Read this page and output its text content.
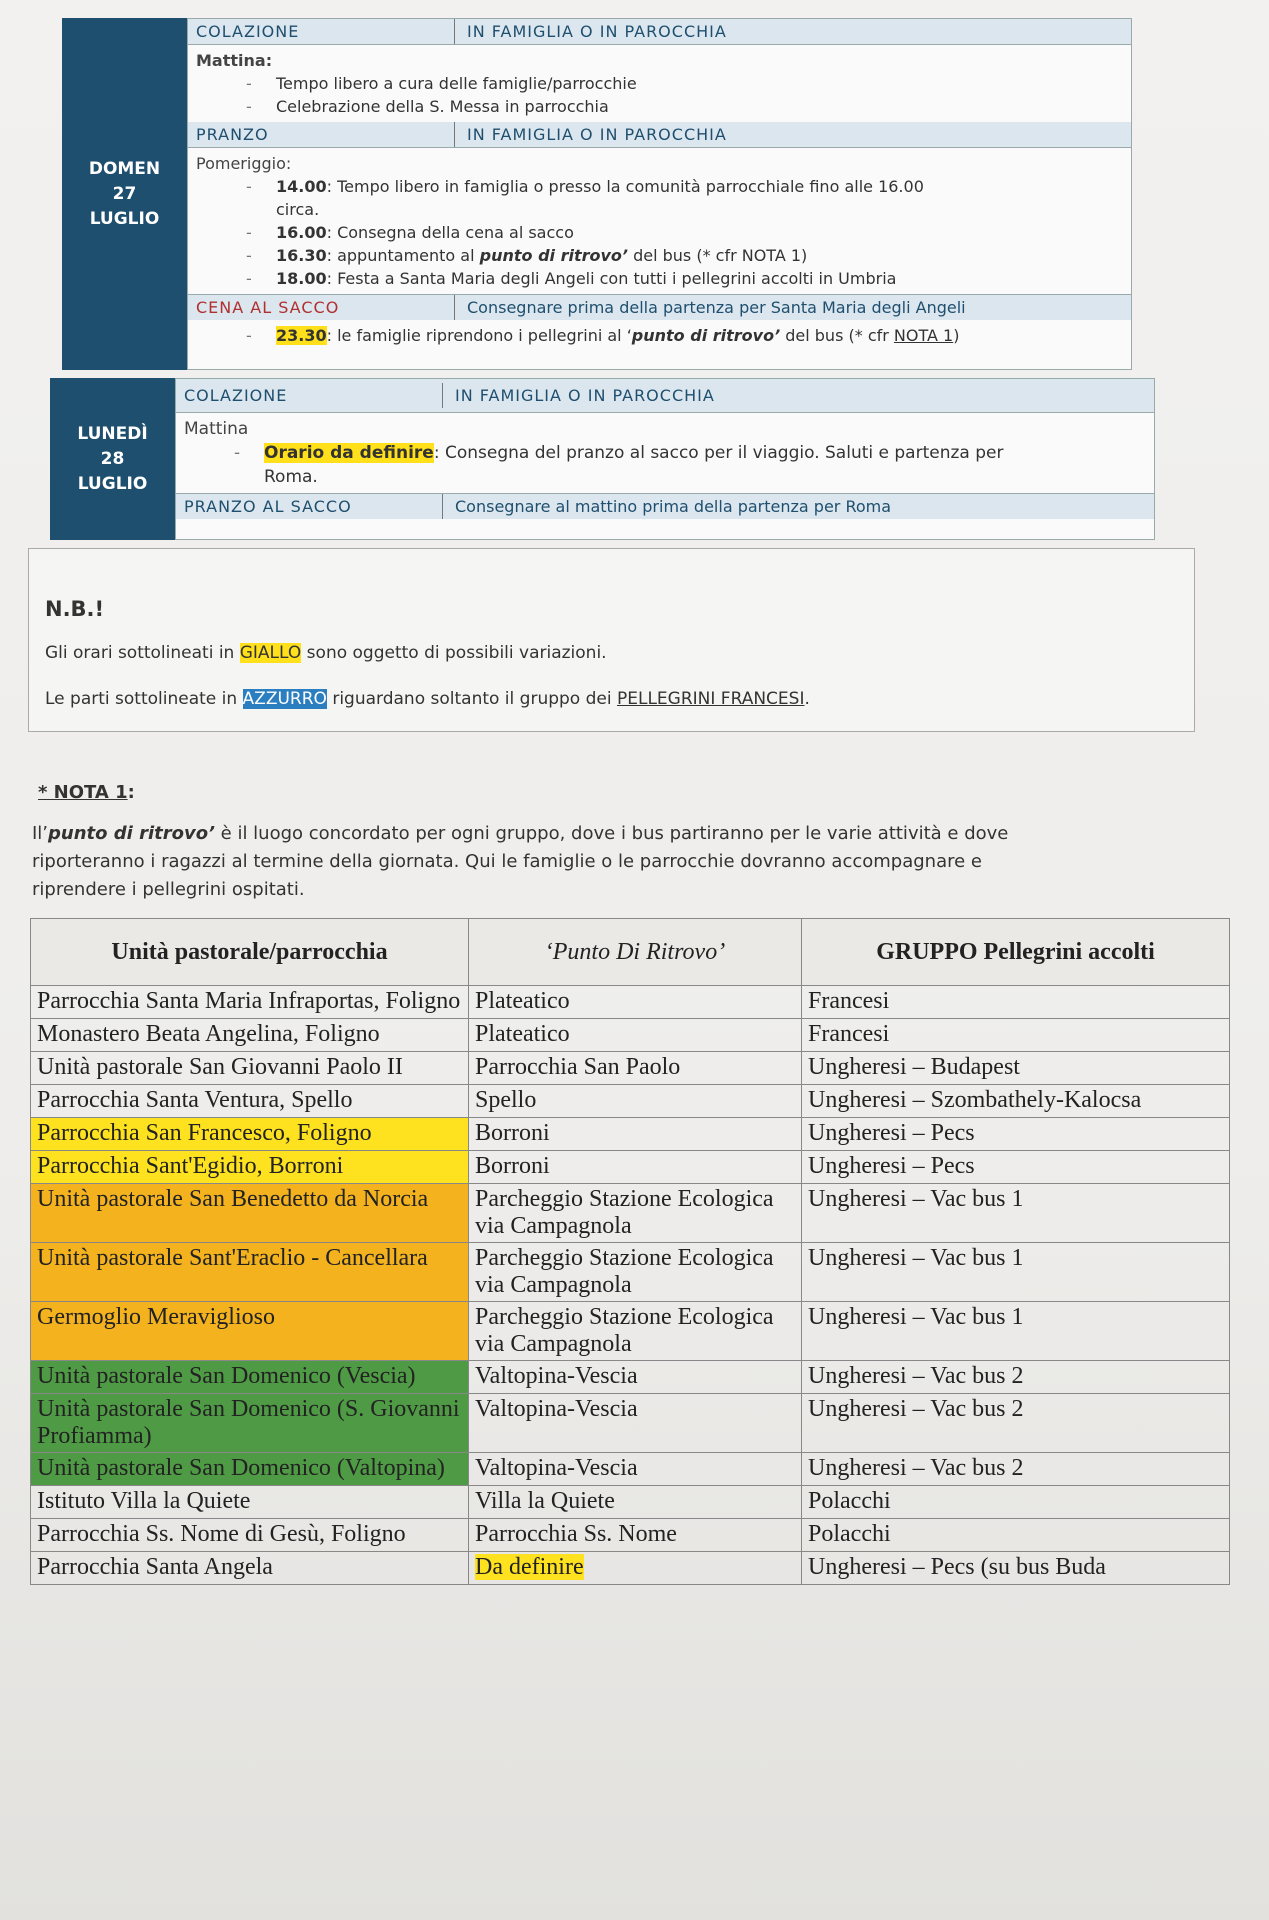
DOMEN
27
LUGLIO
COLAZIONE	IN FAMIGLIA O IN PAROCCHIA
Mattina:
- Tempo libero a cura delle famiglie/parrocchie
- Celebrazione della S. Messa in parrocchia
PRANZO	IN FAMIGLIA O IN PAROCCHIA
Pomeriggio:
- 14.00: Tempo libero in famiglia o presso la comunità parrocchiale fino alle 16.00
circa.
- 16.00: Consegna della cena al sacco
- 16.30: appuntamento al punto di ritrovo’ del bus (* cfr NOTA 1)
- 18.00: Festa a Santa Maria degli Angeli con tutti i pellegrini accolti in Umbria
CENA AL SACCO	Consegnare prima della partenza per Santa Maria degli Angeli
- 23.30: le famiglie riprendono i pellegrini al ‘punto di ritrovo’ del bus (* cfr NOTA 1)
LUNEDÌ
28
LUGLIO
COLAZIONE	IN FAMIGLIA O IN PAROCCHIA
Mattina
- Orario da definire: Consegna del pranzo al sacco per il viaggio. Saluti e partenza per
Roma.
PRANZO AL SACCO	Consegnare al mattino prima della partenza per Roma
N.B.!
Gli orari sottolineati in GIALLO sono oggetto di possibili variazioni.
Le parti sottolineate in AZZURRO riguardano soltanto il gruppo dei PELLEGRINI FRANCESI.
* NOTA 1:
Il’punto di ritrovo’ è il luogo concordato per ogni gruppo, dove i bus partiranno per le varie attività e dove
riporteranno i ragazzi al termine della giornata. Qui le famiglie o le parrocchie dovranno accompagnare e
riprendere i pellegrini ospitati.
Unità pastorale/parrocchia	‘Punto Di Ritrovo’	GRUPPO Pellegrini accolti
Parrocchia Santa Maria Infraportas, Foligno	Plateatico	Francesi
Monastero Beata Angelina, Foligno	Plateatico	Francesi
Unità pastorale San Giovanni Paolo II	Parrocchia San Paolo	Ungheresi – Budapest
Parrocchia Santa Ventura, Spello	Spello	Ungheresi – Szombathely-Kalocsa
Parrocchia San Francesco, Foligno	Borroni	Ungheresi – Pecs
Parrocchia Sant'Egidio, Borroni	Borroni	Ungheresi – Pecs
Unità pastorale San Benedetto da Norcia	Parcheggio Stazione Ecologica via Campagnola	Ungheresi – Vac bus 1
Unità pastorale Sant'Eraclio - Cancellara	Parcheggio Stazione Ecologica via Campagnola	Ungheresi – Vac bus 1
Germoglio Meraviglioso	Parcheggio Stazione Ecologica via Campagnola	Ungheresi – Vac bus 1
Unità pastorale San Domenico (Vescia)	Valtopina-Vescia	Ungheresi – Vac bus 2
Unità pastorale San Domenico (S. Giovanni Profiamma)	Valtopina-Vescia	Ungheresi – Vac bus 2
Unità pastorale San Domenico (Valtopina)	Valtopina-Vescia	Ungheresi – Vac bus 2
Istituto Villa la Quiete	Villa la Quiete	Polacchi
Parrocchia Ss. Nome di Gesù, Foligno	Parrocchia Ss. Nome	Polacchi
Parrocchia Santa Angela	Da definire	Ungheresi – Pecs (su bus Buda
